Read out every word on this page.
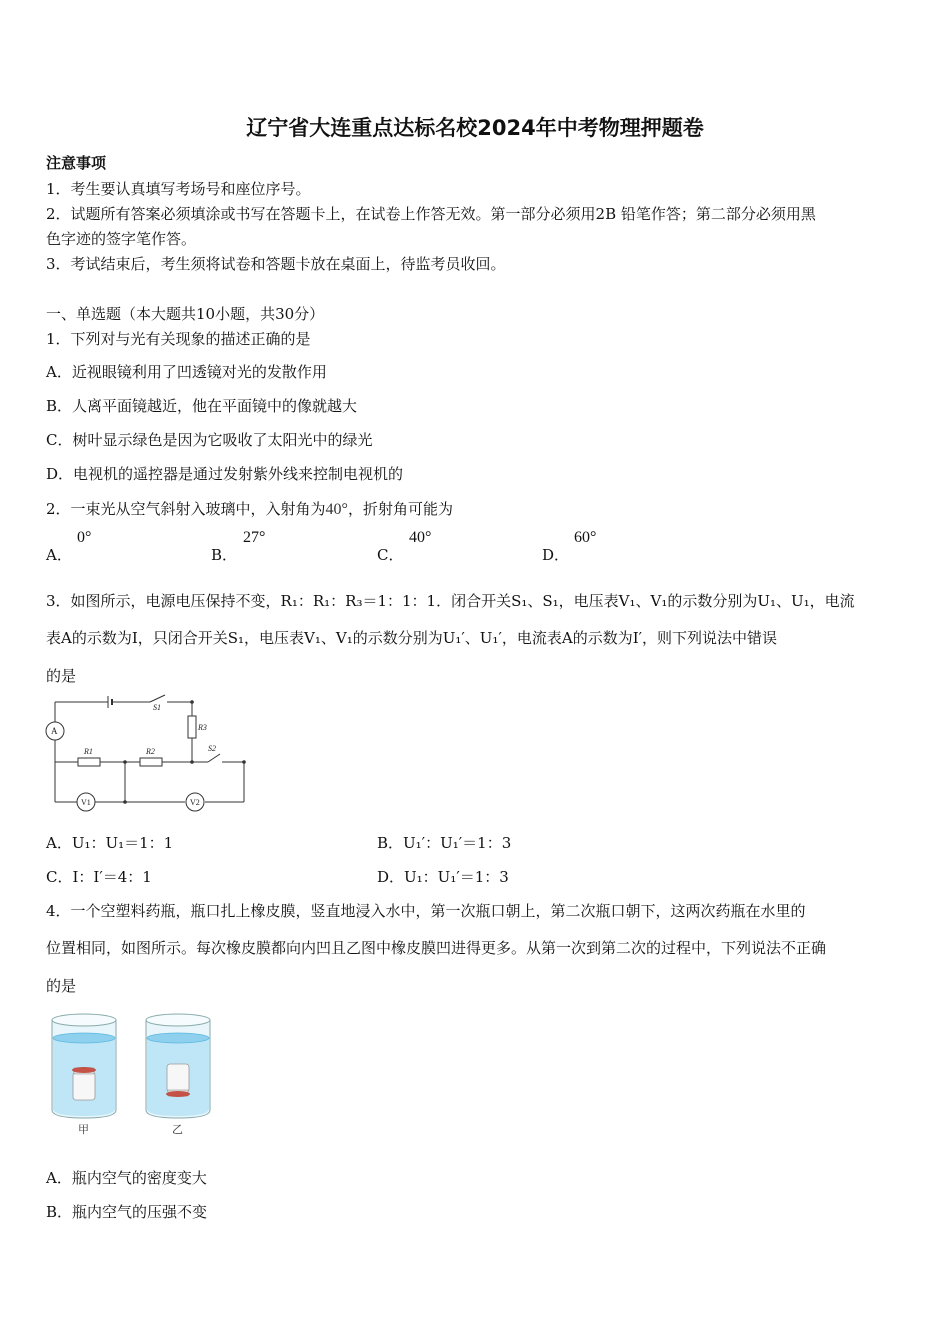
辽宁省大连重点达标名校2024年中考物理押题卷
注意事项
1．考生要认真填写考场号和座位序号。
2．试题所有答案必须填涂或书写在答题卡上，在试卷上作答无效。第一部分必须用2B 铅笔作答；第二部分必须用黑
色字迹的签字笔作答。
3．考试结束后，考生须将试卷和答题卡放在桌面上，待监考员收回。
一、单选题（本大题共10小题，共30分）
1．下列对与光有关现象的描述正确的是
A．近视眼镜利用了凹透镜对光的发散作用
B．人离平面镜越近，他在平面镜中的像就越大
C．树叶显示绿色是因为它吸收了太阳光中的绿光
D．电视机的遥控器是通过发射紫外线来控制电视机的
2．一束光从空气斜射入玻璃中，入射角为40°，折射角可能为
A．
0°
B．
27°
C．
40°
D．
60°
3．如图所示，电源电压保持不变，R₁：R₁：R₃＝1：1：1．闭合开关S₁、S₁，电压表V₁、V₁的示数分别为U₁、U₁，电流
表A的示数为I，只闭合开关S₁，电压表V₁、V₁的示数分别为U₁′、U₁′，电流表A的示数为I′，则下列说法中错误
的是
A
V1	V2
R1	R2
R3
S1
S2
A．U₁：U₁＝1：1	B．U₁′：U₁′＝1：3
C．I：I′＝4：1	D．U₁：U₁′＝1：3
4．一个空塑料药瓶，瓶口扎上橡皮膜，竖直地浸入水中，第一次瓶口朝上，第二次瓶口朝下，这两次药瓶在水里的
位置相同，如图所示。每次橡皮膜都向内凹且乙图中橡皮膜凹进得更多。从第一次到第二次的过程中，下列说法不正确
的是
甲	乙
A．瓶内空气的密度变大
B．瓶内空气的压强不变
